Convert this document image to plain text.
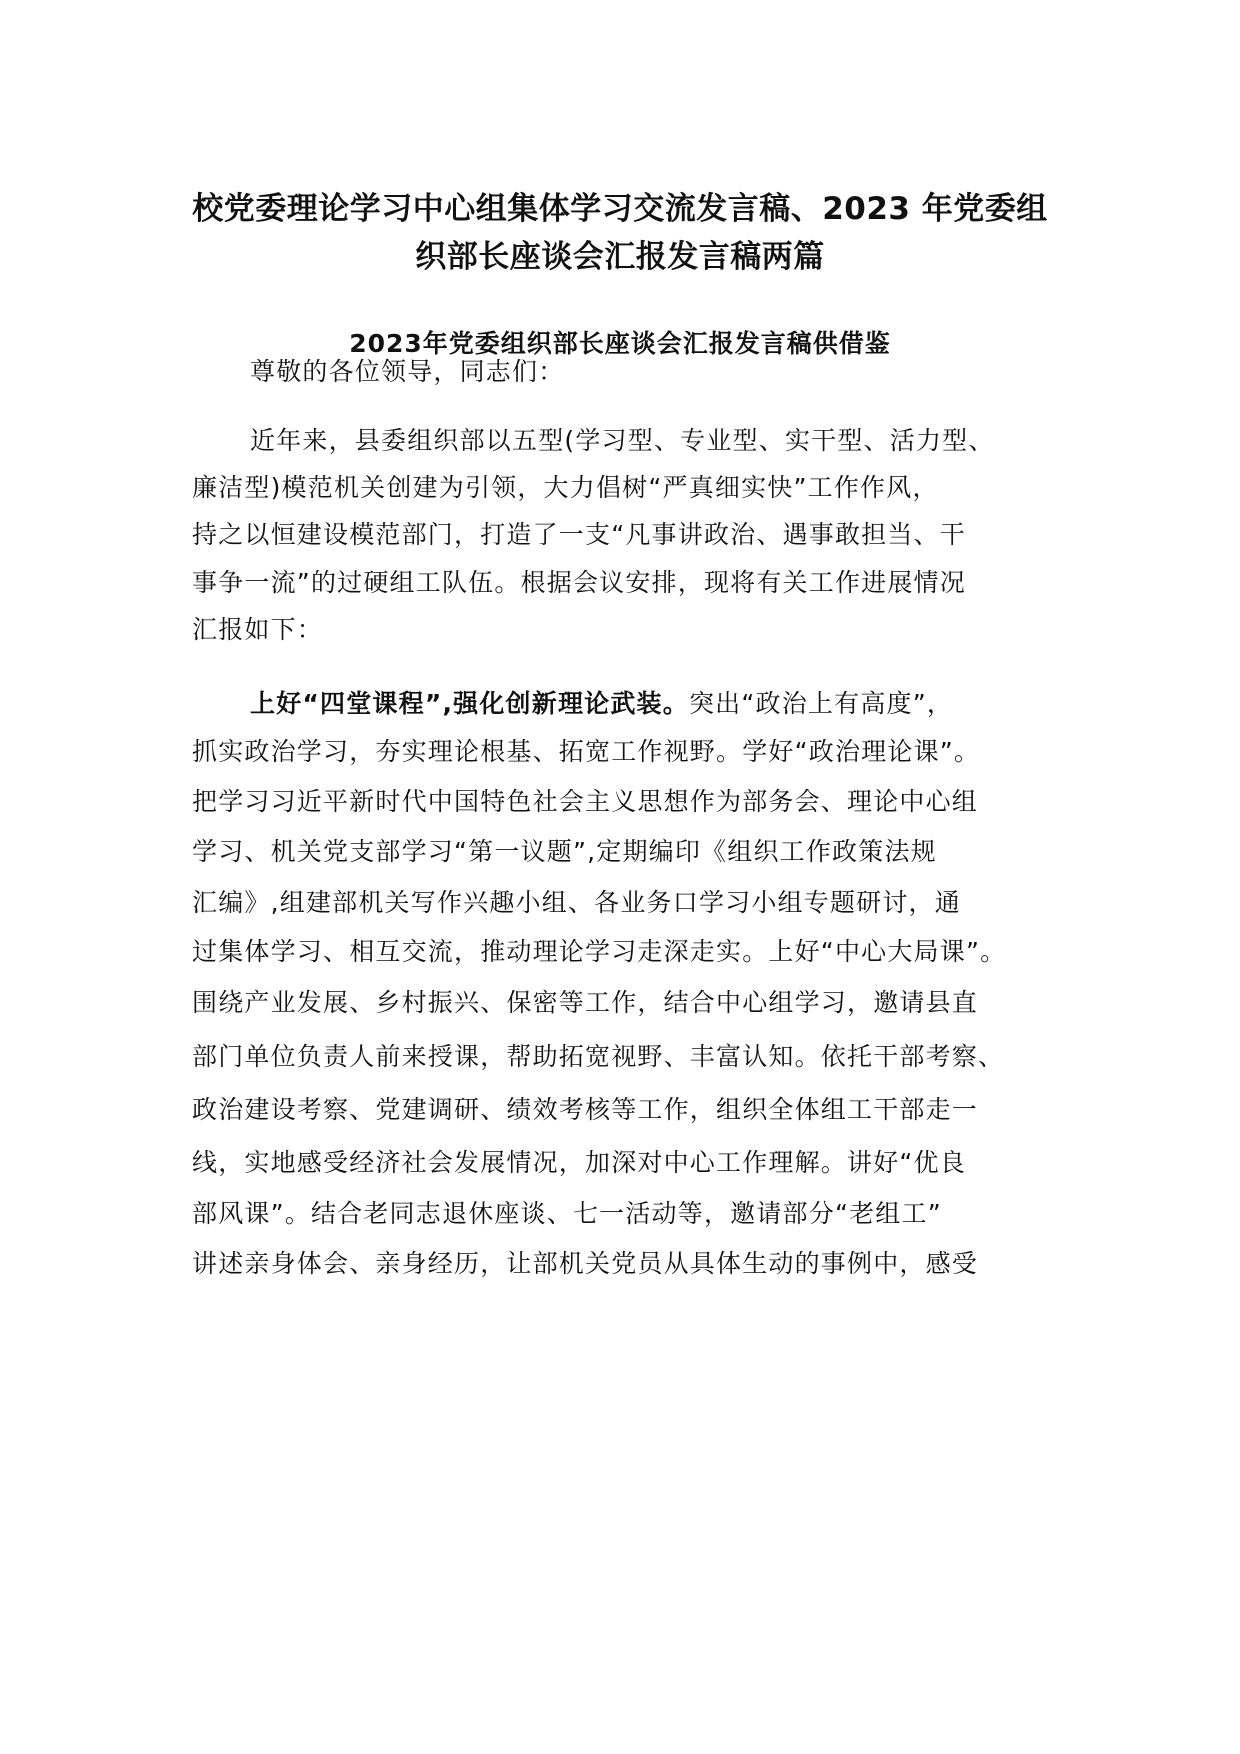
校党委理论学习中心组集体学习交流发言稿、2023 年党委组
织部长座谈会汇报发言稿两篇
2023年党委组织部长座谈会汇报发言稿供借鉴
尊敬的各位领导，同志们：
近年来，县委组织部以五型(学习型、专业型、实干型、活力型、
廉洁型)模范机关创建为引领，大力倡树“严真细实快”工作作风，
持之以恒建设模范部门，打造了一支“凡事讲政治、遇事敢担当、干
事争一流”的过硬组工队伍。根据会议安排，现将有关工作进展情况
汇报如下：
上好“四堂课程”,强化创新理论武装。突出“政治上有高度”，
抓实政治学习，夯实理论根基、拓宽工作视野。学好“政治理论课”。
把学习习近平新时代中国特色社会主义思想作为部务会、理论中心组
学习、机关党支部学习“第一议题”,定期编印《组织工作政策法规
汇编》,组建部机关写作兴趣小组、各业务口学习小组专题研讨，通
过集体学习、相互交流，推动理论学习走深走实。上好“中心大局课”。
围绕产业发展、乡村振兴、保密等工作，结合中心组学习，邀请县直
部门单位负责人前来授课，帮助拓宽视野、丰富认知。依托干部考察、
政治建设考察、党建调研、绩效考核等工作，组织全体组工干部走一
线，实地感受经济社会发展情况，加深对中心工作理解。讲好“优良
部风课”。结合老同志退休座谈、七一活动等，邀请部分“老组工”
讲述亲身体会、亲身经历，让部机关党员从具体生动的事例中，感受
